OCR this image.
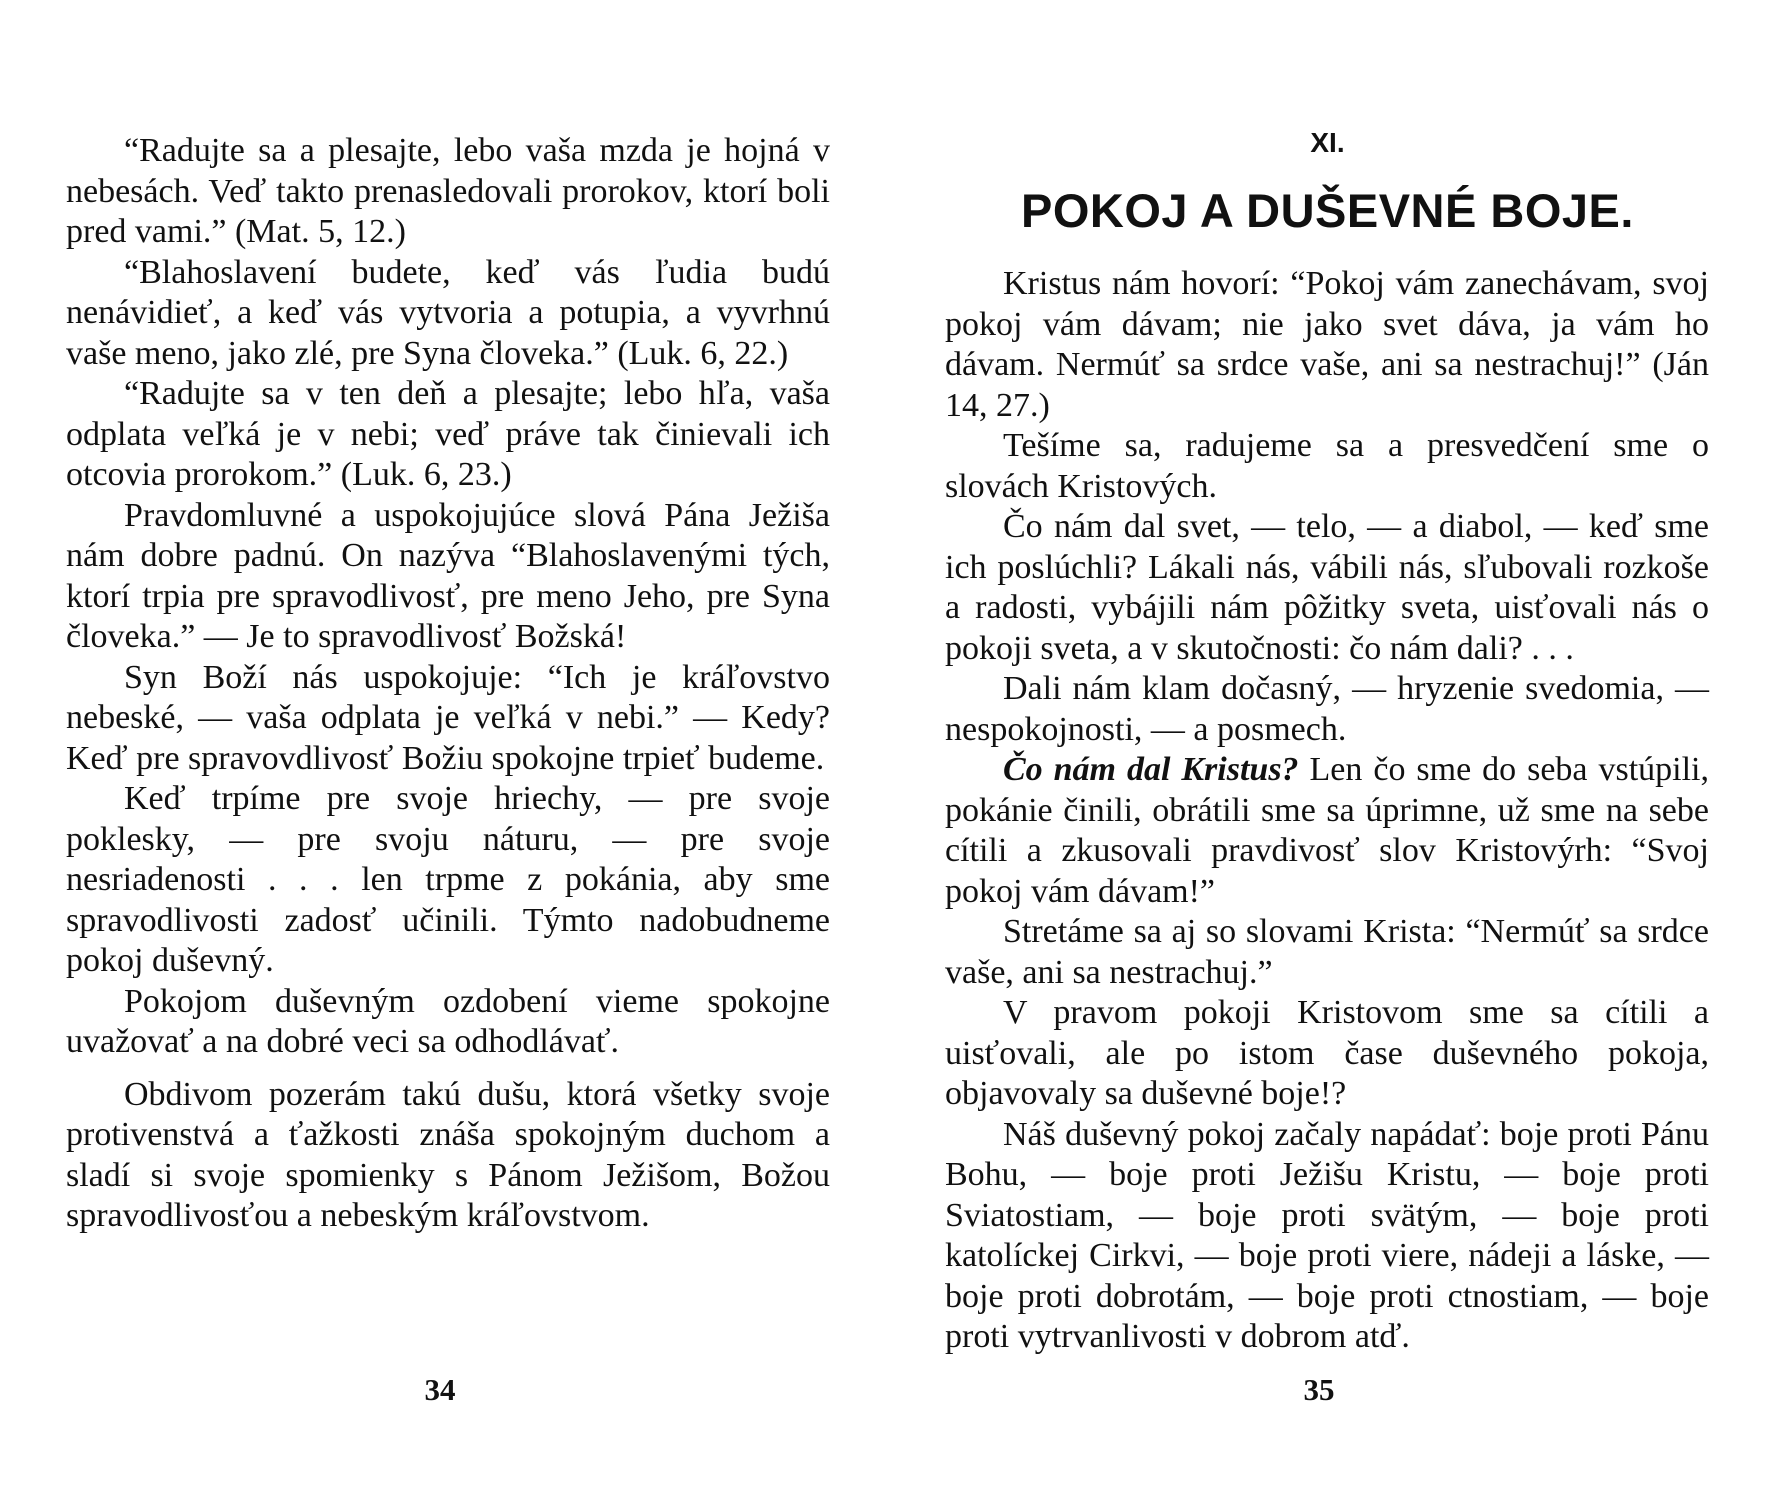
“Radujte sa a plesajte, lebo vaša mzda je hojná v nebesách. Veď takto prenasledovali prorokov, ktorí boli pred vami.” (Mat. 5, 12.)

“Blahoslavení budete, keď vás ľudia budú nenávidieť, a keď vás vytvoria a potupia, a vyvrhnú vaše meno, jako zlé, pre Syna človeka.” (Luk. 6, 22.)

“Radujte sa v ten deň a plesajte; lebo hľa, vaša odplata veľká je v nebi; veď práve tak činievali ich otcovia prorokom.” (Luk. 6, 23.)

Pravdomluvné a uspokojujúce slová Pána Ježiša nám dobre padnú. On nazýva “Blahoslavenými tých, ktorí trpia pre spravodlivosť, pre meno Jeho, pre Syna človeka.” — Je to spravodlivosť Božská!

Syn Boží nás uspokojuje: “Ich je kráľovstvo nebeské, — vaša odplata je veľká v nebi.” — Kedy? Keď pre spravovdlivosť Božiu spokojne trpieť budeme.

Keď trpíme pre svoje hriechy, — pre svoje poklesky, — pre svoju náturu, — pre svoje nesriadenosti . . . len trpme z pokánia, aby sme spravodlivosti zadosť učinili. Týmto nadobudneme pokoj duševný.

Pokojom duševným ozdobení vieme spokojne uvažovať a na dobré veci sa odhodlávať.

Obdivom pozerám takú dušu, ktorá všetky svoje protivenstvá a ťažkosti znáša spokojným duchom a sladí si svoje spomienky s Pánom Ježišom, Božou spravodlivosťou a nebeským kráľovstvom.

34
XI.
POKOJ A DUŠEVNÉ BOJE.

Kristus nám hovorí: “Pokoj vám zanechávam, svoj pokoj vám dávam; nie jako svet dáva, ja vám ho dávam. Nermúť sa srdce vaše, ani sa nestrachuj!” (Ján 14, 27.)

Tešíme sa, radujeme sa a presvedčení sme o slovách Kristových.

Čo nám dal svet, — telo, — a diabol, — keď sme ich poslúchli? Lákali nás, vábili nás, sľubovali rozkoše a radosti, vybájili nám pôžitky sveta, uisťovali nás o pokoji sveta, a v skutočnosti: čo nám dali? . . .

Dali nám klam dočasný, — hryzenie svedomia, — nespokojnosti, — a posmech.

Čo nám dal Kristus? Len čo sme do seba vstúpili, pokánie činili, obrátili sme sa úprimne, už sme na sebe cítili a zkusovali pravdivosť slov Kristovýrh: “Svoj pokoj vám dávam!”

Stretáme sa aj so slovami Krista: “Nermúť sa srdce vaše, ani sa nestrachuj.”

V pravom pokoji Kristovom sme sa cítili a uisťovali, ale po istom čase duševného pokoja, objavovaly sa duševné boje!?

Náš duševný pokoj začaly napádať: boje proti Pánu Bohu, — boje proti Ježišu Kristu, — boje proti Sviatostiam, — boje proti svätým, — boje proti katolíckej Cirkvi, — boje proti viere, nádeji a láske, — boje proti dobrotám, — boje proti ctnostiam, — boje proti vytrvanlivosti v dobrom atď.

35
